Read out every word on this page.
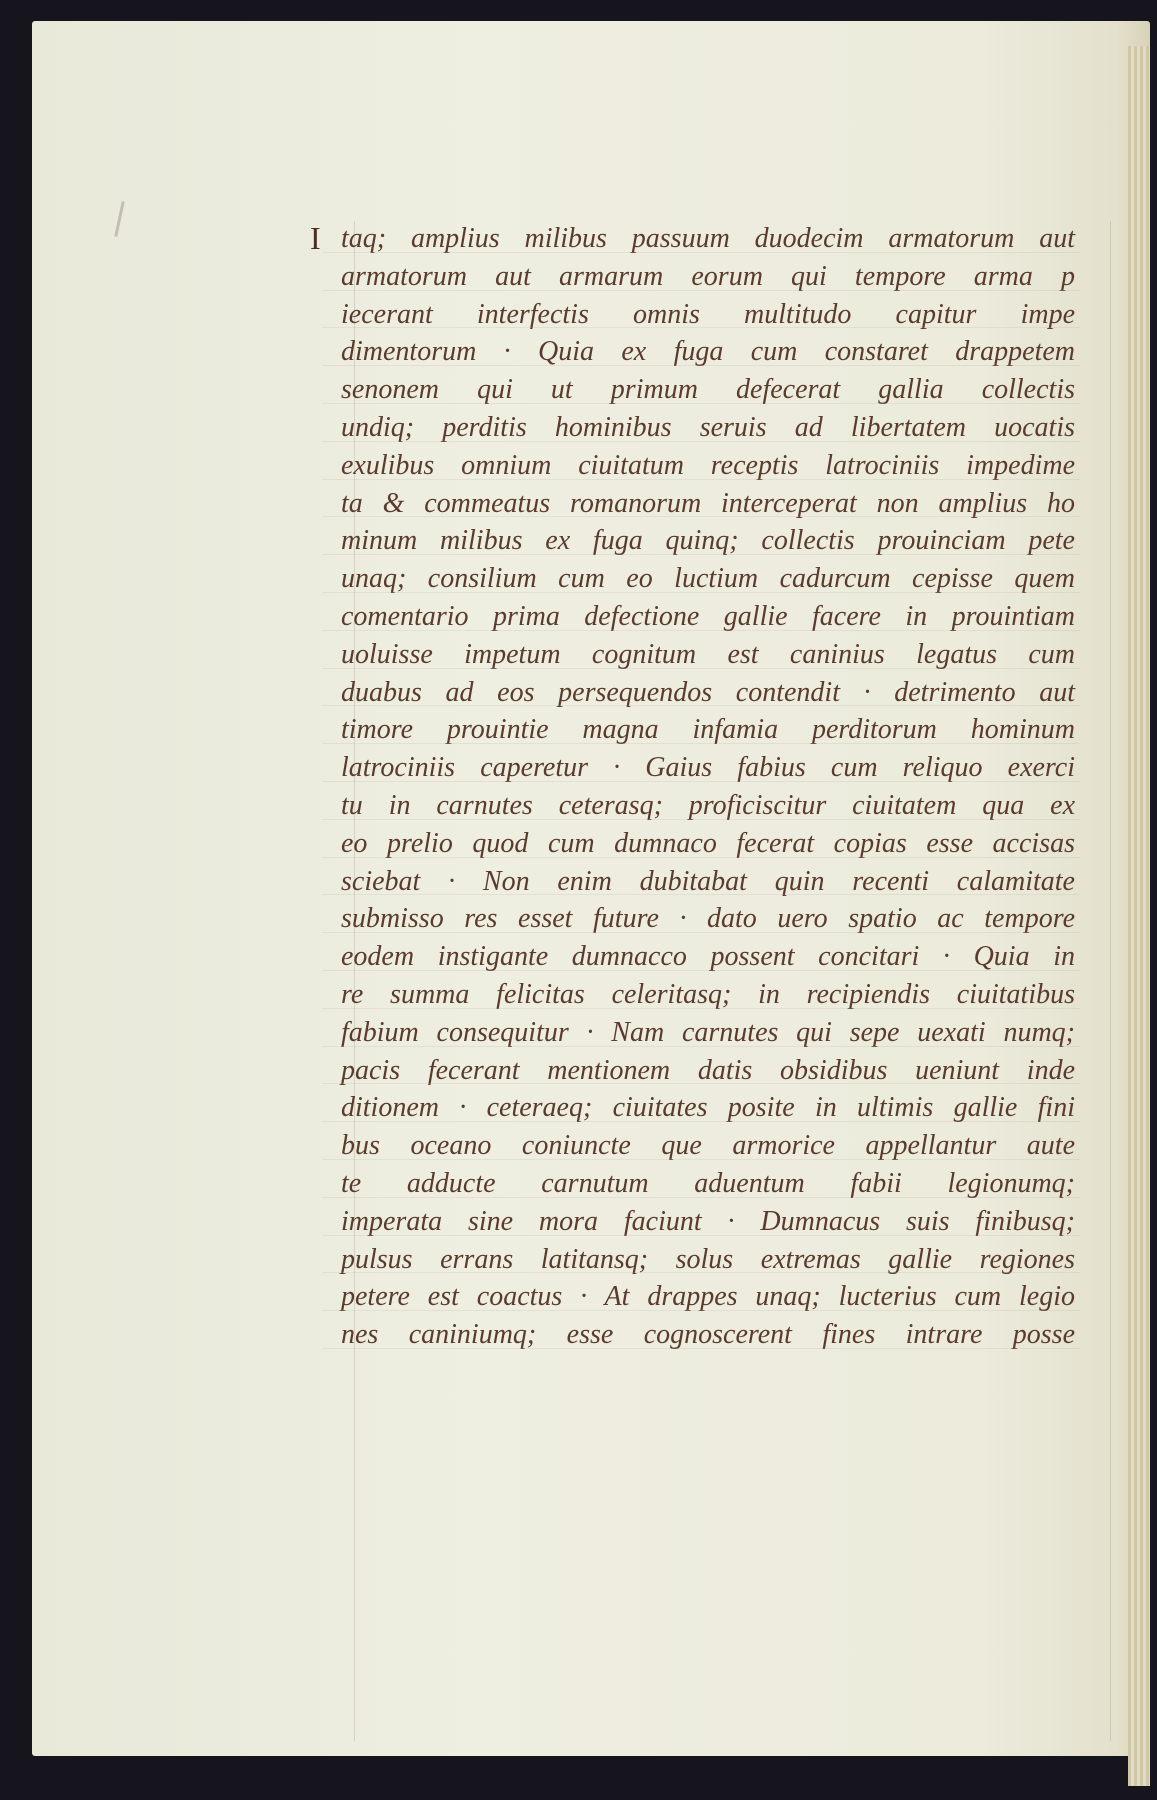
I taq; amplius milibus passuum duodecim armatorum aut
armatorum aut armarum eorum qui tempore arma p
iecerant interfectis omnis multitudo capitur impe
dimentorum · Quia ex fuga cum constaret drappetem
senonem qui ut primum defecerat gallia collectis
undiq; perditis hominibus seruis ad libertatem uocatis
exulibus omnium ciuitatum receptis latrociniis impedime
ta & commeatus romanorum interceperat non amplius ho
minum milibus ex fuga quinq; collectis prouinciam pete
unaq; consilium cum eo luctium cadurcum cepisse quem
comentario prima defectione gallie facere in prouintiam
uoluisse impetum cognitum est caninius legatus cum
duabus ad eos persequendos contendit · detrimento aut
timore prouintie magna infamia perditorum hominum
latrociniis caperetur · Gaius fabius cum reliquo exerci
tu in carnutes ceterasq; proficiscitur ciuitatem qua ex
eo prelio quod cum dumnaco fecerat copias esse accisas
sciebat · Non enim dubitabat quin recenti calamitate
submisso res esset future · dato uero spatio ac tempore
eodem instigante dumnacco possent concitari · Quia in
re summa felicitas celeritasq; in recipiendis ciuitatibus
fabium consequitur · Nam carnutes qui sepe uexati numq;
pacis fecerant mentionem datis obsidibus ueniunt inde
ditionem · ceteraeq; ciuitates posite in ultimis gallie fini
bus oceano coniuncte que armorice appellantur aute
te adducte carnutum aduentum fabii legionumq;
imperata sine mora faciunt · Dumnacus suis finibusq;
pulsus errans latitansq; solus extremas gallie regiones
petere est coactus · At drappes unaq; lucterius cum legio
nes caniniumq; esse cognoscerent fines intrare posse
